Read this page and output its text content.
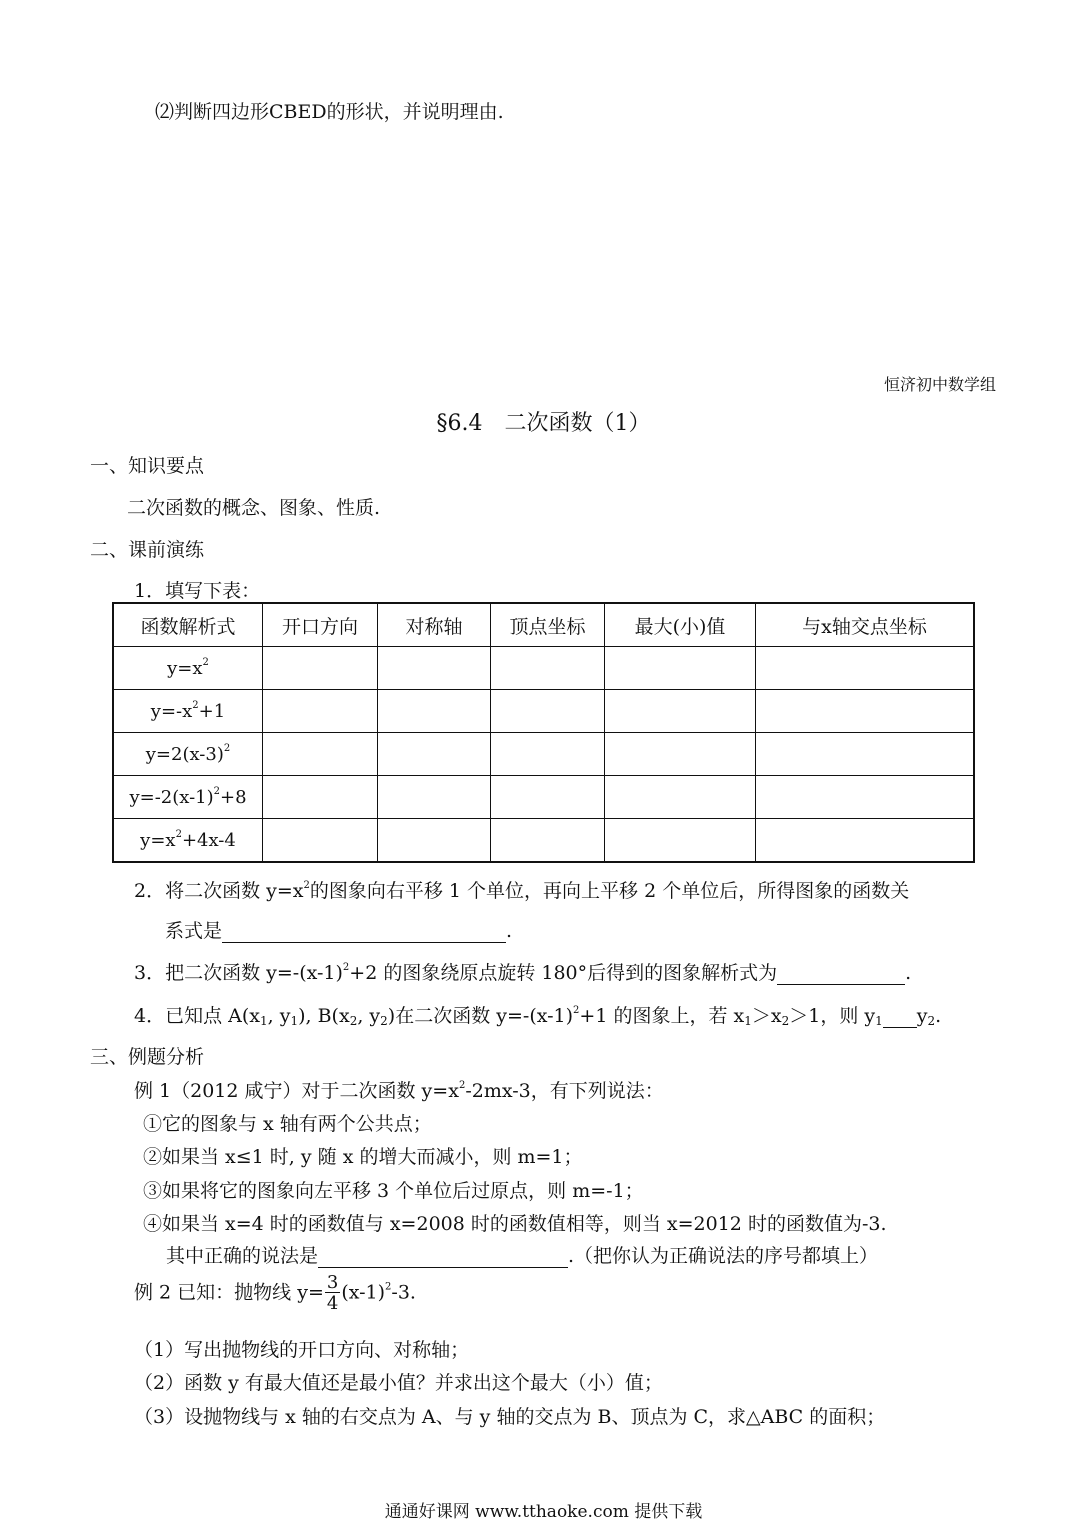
⑵判断四边形CBED的形状，并说明理由.
恒济初中数学组
§6.4　二次函数（1）
一、知识要点
二次函数的概念、图象、性质.
二、课前演练
1．填写下表：
函数解析式	开口方向	对称轴	顶点坐标	最大(小)值	与x轴交点坐标
$y=x^2$					
$y=-x^2+1$					
$y=2(x-3)^2$					
$y=-2(x-1)^2+8$					
$y=x^2+4x-4$					
2．将二次函数 $y=x^2$的图象向右平移 1 个单位，再向上平移 2 个单位后，所得图象的函数关
系式是	.
3．把二次函数 $y=-(x-1)^2+2$ 的图象绕原点旋转 180°后得到的图象解析式为	.
4．已知点 $A(x_1$, $y_1$), $B(x_2$, $y_2$)在二次函数 $y=-(x-1)^2+1$ 的图象上，若 $x_1>x_2>1$，则 $y_1$ $y_2$.
三、例题分析
例 1（2012 咸宁）对于二次函数 $y=x^2-2mx-3$，有下列说法：
①它的图象与 x 轴有两个公共点；
②如果当 x≤1 时, y 随 x 的增大而减小，则 m=1；
③如果将它的图象向左平移 3 个单位后过原点，则 m=-1；
④如果当 x=4 时的函数值与 x=2008 时的函数值相等，则当 x=2012 时的函数值为-3.
其中正确的说法是	.（把你认为正确说法的序号都填上）
例 2 已知：抛物线 $y= \frac{3}{4} (x-1)^2-3$.
（1）写出抛物线的开口方向、对称轴；
（2）函数 y 有最大值还是最小值？并求出这个最大（小）值；
（3）设抛物线与 x 轴的右交点为 A、与 y 轴的交点为 B、顶点为 C，求△ABC 的面积；
通通好课网 www.tthaoke.com 提供下载
